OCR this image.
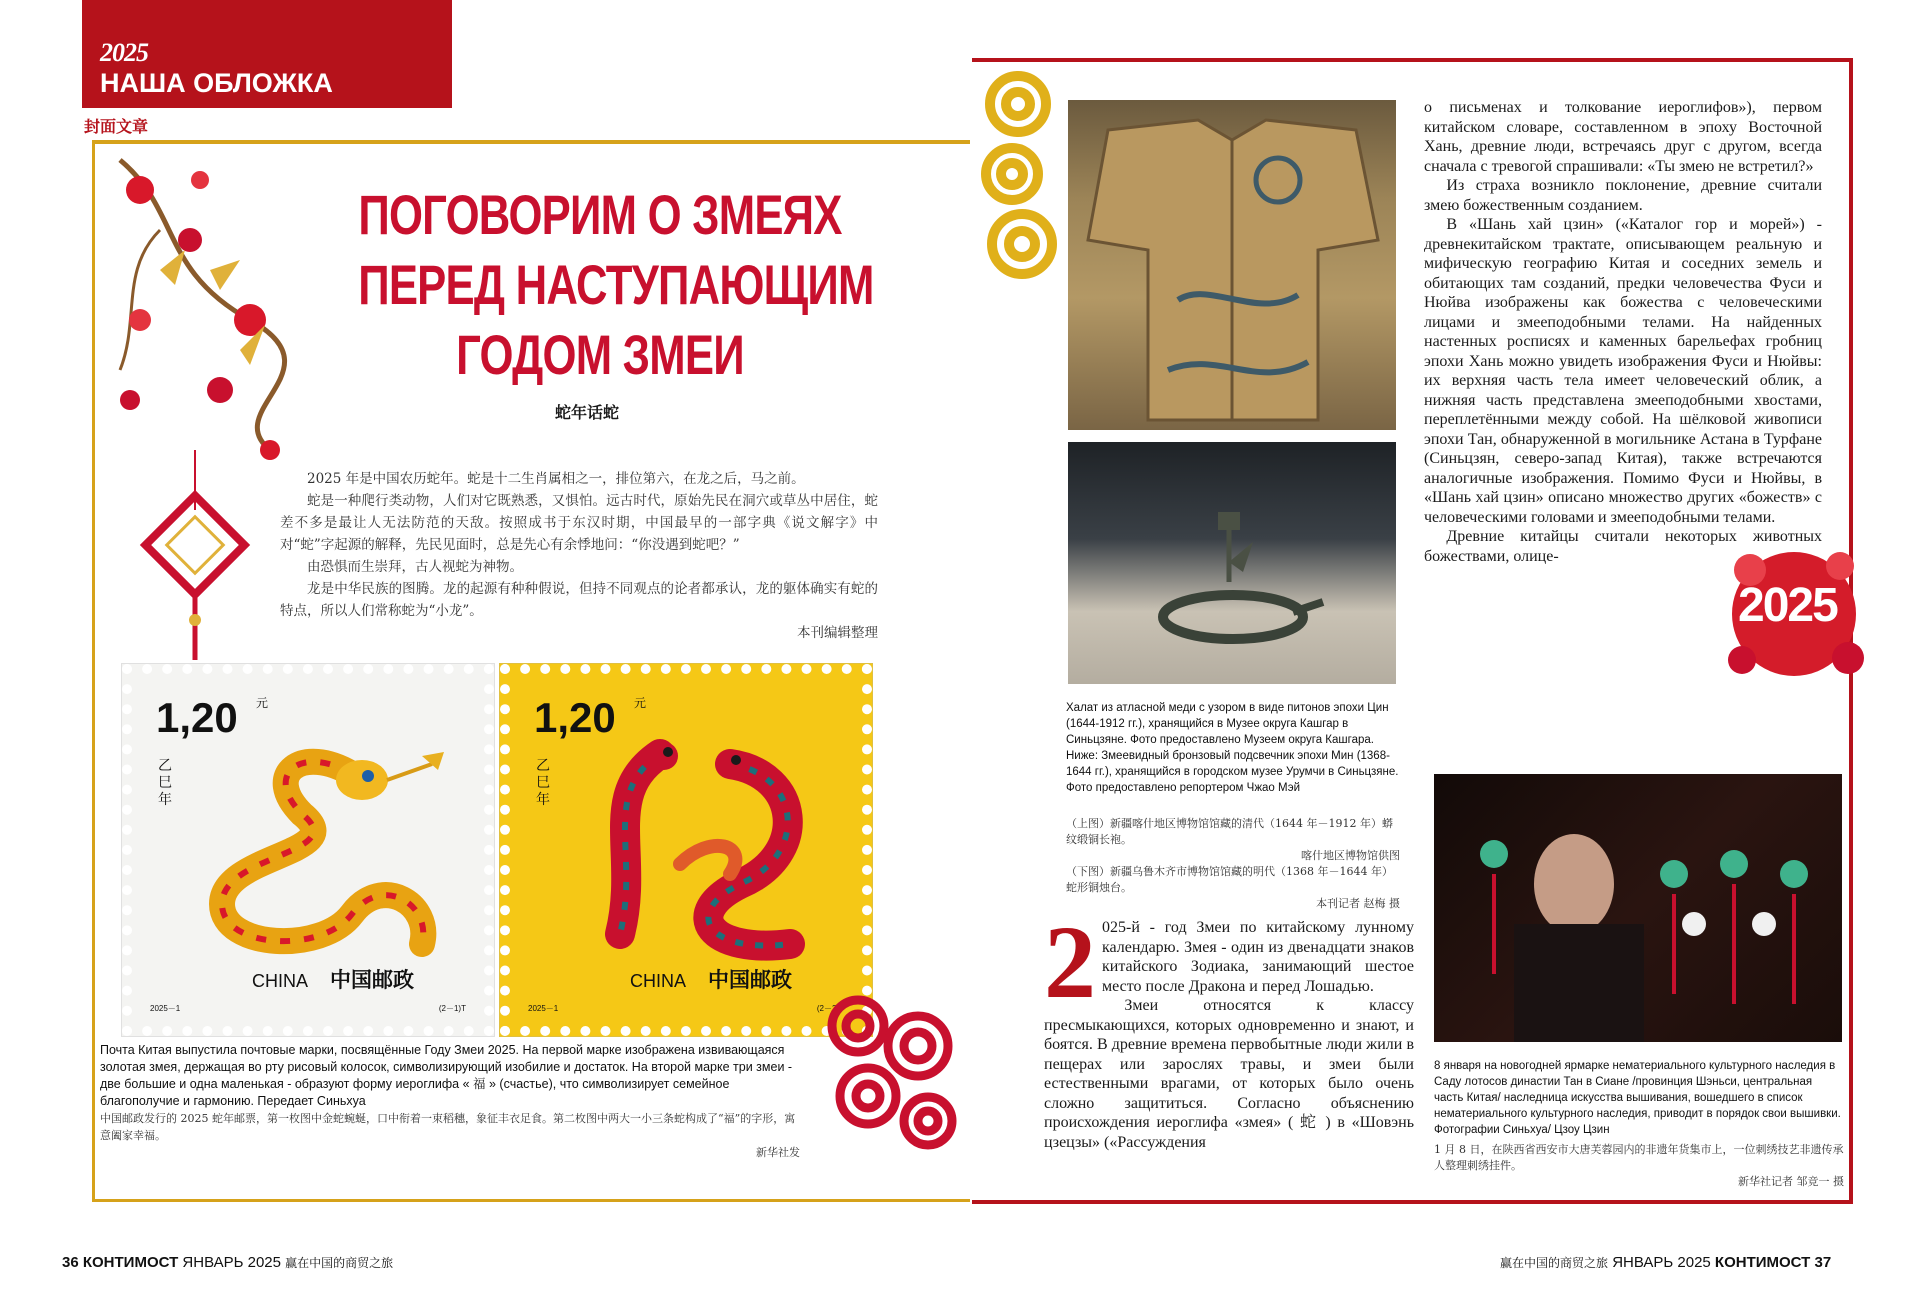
2025
НАША ОБЛОЖКА
封面文章
ПОГОВОРИМ О ЗМЕЯХ
ПЕРЕД НАСТУПАЮЩИМ
ГОДОМ ЗМЕИ
蛇年话蛇

2025 年是中国农历蛇年。蛇是十二生肖属相之一，排位第六，在龙之后，马之前。

蛇是一种爬行类动物，人们对它既熟悉，又惧怕。远古时代，原始先民在洞穴或草丛中居住，蛇差不多是最让人无法防范的天敌。按照成书于东汉时期，中国最早的一部字典《说文解字》中对“蛇”字起源的解释，先民见面时，总是先心有余悸地问：“你没遇到蛇吧？”

由恐惧而生崇拜，古人视蛇为神物。

龙是中华民族的图腾。龙的起源有种种假说，但持不同观点的论者都承认，龙的躯体确实有蛇的特点，所以人们常称蛇为“小龙”。

本刊编辑整理

1,20 元
乙巳年
CHINA 中国邮政
2025－1	(2－1)T
1,20 元
乙巳年
CHINA 中国邮政
2025－1	(2－2)T
Почта Китая выпустила почтовые марки, посвящённые Году Змеи 2025. На первой марке изображена извивающаяся золотая змея, держащая во рту рисовый колосок, символизирующий изобилие и достаток. На второй марке три змеи - две большие и одна маленькая - образуют форму иероглифа « 福 » (счастье), что символизирует семейное благополучие и гармонию. Передает Синьхуа
中国邮政发行的 2025 蛇年邮票，第一枚图中金蛇蜿蜒，口中衔着一束稻穗，象征丰衣足食。第二枚图中两大一小三条蛇构成了“福”的字形，寓意阖家幸福。 新华社发
Халат из атласной меди с узором в виде питонов эпохи Цин (1644-1912 гг.), хранящийся в Музее округа Кашгар в Синьцзяне. Фото предоставлено Музеем округа Кашгара. Ниже: Змеевидный бронзовый подсвечник эпохи Мин (1368-1644 гг.), хранящийся в городском музее Урумчи в Синьцзяне. Фото предоставлено репортером Чжао Мэй
（上图）新疆喀什地区博物馆馆藏的清代（1644 年－1912 年）蟒纹缎铜长袍。
喀什地区博物馆供图
（下图）新疆乌鲁木齐市博物馆馆藏的明代（1368 年－1644 年）蛇形铜烛台。
本刊记者 赵梅 摄
2 025-й - год Змеи по китайскому лунному календарю. Змея - один из двенадцати знаков китайского Зодиака, занимающий шестое место после Дракона и перед Лошадью.

Змеи относятся к классу пресмыкающихся, которых одновременно и знают, и боятся. В древние времена первобытные люди жили в пещерах или зарослях травы, и змеи были естественными врагами, от которых было очень сложно защититься. Согласно объяснению происхождения иероглифа «змея» ( 蛇 ) в «Шовэнь цзецзы» («Рассуждения

о письменах и толкование иероглифов»), первом китайском словаре, составленном в эпоху Восточной Хань, древние люди, встречаясь друг с другом, всегда сначала с тревогой спрашивали: «Ты змею не встретил?»

Из страха возникло поклонение, древние считали змею божественным созданием.

В «Шань хай цзин» («Каталог гор и морей») - древнекитайском трактате, описывающем реальную и мифическую географию Китая и соседних земель и обитающих там созданий, предки человечества Фуси и Нюйва изображены как божества с человеческими лицами и змееподобными телами. На найденных настенных росписях и каменных барельефах гробниц эпохи Хань можно увидеть изображения Фуси и Нюйвы: их верхняя часть тела имеет человеческий облик, а нижняя часть представлена змееподобными хвостами, переплетёнными между собой. На шёлковой живописи эпохи Тан, обнаруженной в могильнике Астана в Турфане (Синьцзян, северо-запад Китая), также встречаются аналогичные изображения. Помимо Фуси и Нюйвы, в «Шань хай цзин» описано множество других «божеств» с человеческими головами и змееподобными телами.

Древние китайцы считали некоторых животных божествами, олице-

2025
8 января на новогодней ярмарке нематериального культурного наследия в Саду лотосов династии Тан в Сиане /провинция Шэньси, центральная часть Китая/ наследница искусства вышивания, вошедшего в список нематериального культурного наследия, приводит в порядок свои вышивки. Фотографии Синьхуа/ Цзоу Цзин
1 月 8 日，在陕西省西安市大唐芙蓉园内的非遗年货集市上，一位刺绣技艺非遗传承人整理刺绣挂件。
新华社记者 邹竞一 摄
36 КОНТИМОСТ ЯНВАРЬ 2025 赢在中国的商贸之旅	赢在中国的商贸之旅 ЯНВАРЬ 2025 КОНТИМОСТ 37
